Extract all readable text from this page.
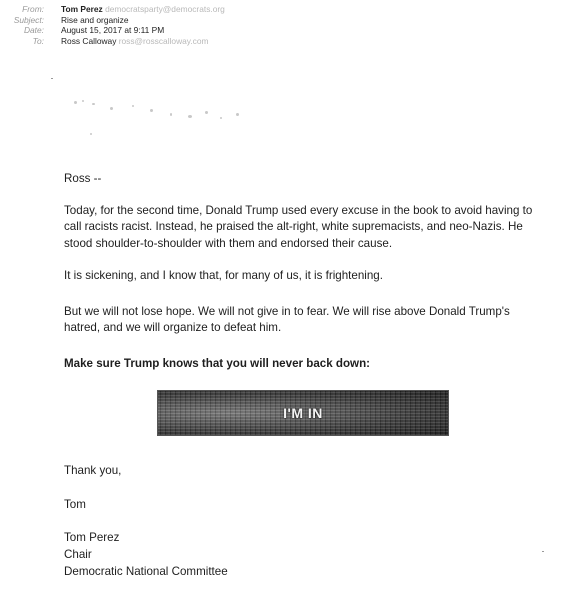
From:	Tom Perez democratsparty@democrats.org
Subject:	Rise and organize
Date:	August 15, 2017 at 9:11 PM
To:	Ross Calloway ross@rosscalloway.com
Ross --

Today, for the second time, Donald Trump used every excuse in the book to avoid having to call racists racist. Instead, he praised the alt-right, white supremacists, and neo-Nazis. He stood shoulder-to-shoulder with them and endorsed their cause.

It is sickening, and I know that, for many of us, it is frightening.

But we will not lose hope. We will not give in to fear. We will rise above Donald Trump's hatred, and we will organize to defeat him.

Make sure Trump knows that you will never back down:
I'M IN
Thank you,
Tom
Tom Perez
Chair
Democratic National Committee
